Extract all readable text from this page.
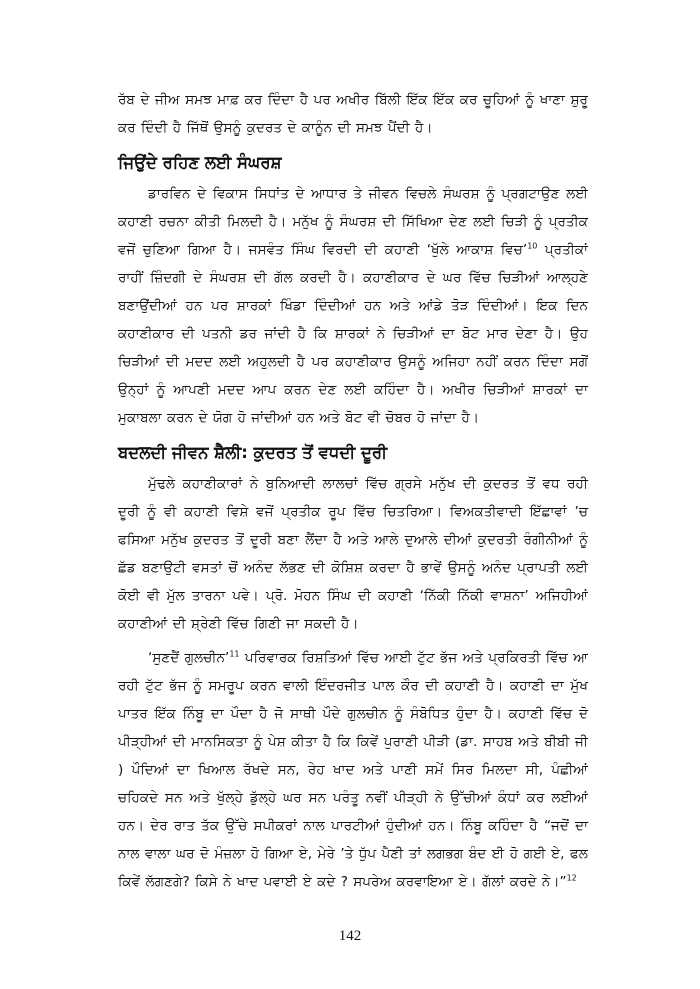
ਰੱਬ ਦੇ ਜੀਅ ਸਮਝ ਮਾਫ਼ ਕਰ ਦਿੰਦਾ ਹੈ ਪਰ ਅਖੀਰ ਬਿੱਲੀ ਇੱਕ ਇੱਕ ਕਰ ਚੂਹਿਆਂ ਨੂੰ ਖਾਣਾ ਸ਼ੁਰੂ ਕਰ ਦਿੰਦੀ ਹੈ ਜਿੱਥੋਂ ਉਸਨੂੰ ਕੁਦਰਤ ਦੇ ਕਾਨੂੰਨ ਦੀ ਸਮਝ ਪੈਂਦੀ ਹੈ।

ਜਿਉਂਦੇ ਰਹਿਣ ਲਈ ਸੰਘਰਸ਼

ਡਾਰਵਿਨ ਦੇ ਵਿਕਾਸ ਸਿਧਾਂਤ ਦੇ ਆਧਾਰ ਤੇ ਜੀਵਨ ਵਿਚਲੇ ਸੰਘਰਸ਼ ਨੂੰ ਪ੍ਰਗਟਾਉਣ ਲਈ ਕਹਾਣੀ ਰਚਨਾ ਕੀਤੀ ਮਿਲਦੀ ਹੈ। ਮਨੁੱਖ ਨੂੰ ਸੰਘਰਸ਼ ਦੀ ਸਿੱਖਿਆ ਦੇਣ ਲਈ ਚਿੜੀ ਨੂੰ ਪ੍ਰਤੀਕ ਵਜੋਂ ਚੁਣਿਆ ਗਿਆ ਹੈ। ਜਸਵੰਤ ਸਿੰਘ ਵਿਰਦੀ ਦੀ ਕਹਾਣੀ ‘ਖੁੱਲੇ ਆਕਾਸ਼ ਵਿਚ’$^{10}$ ਪ੍ਰਤੀਕਾਂ ਰਾਹੀਂ ਜ਼ਿੰਦਗੀ ਦੇ ਸੰਘਰਸ਼ ਦੀ ਗੱਲ ਕਰਦੀ ਹੈ। ਕਹਾਣੀਕਾਰ ਦੇ ਘਰ ਵਿੱਚ ਚਿੜੀਆਂ ਆਲ੍ਹਣੇ ਬਣਾਉਂਦੀਆਂ ਹਨ ਪਰ ਸ਼ਾਰਕਾਂ ਖਿੰਡਾ ਦਿੰਦੀਆਂ ਹਨ ਅਤੇ ਆਂਡੇ ਤੋੜ ਦਿੰਦੀਆਂ। ਇਕ ਦਿਨ ਕਹਾਣੀਕਾਰ ਦੀ ਪਤਨੀ ਡਰ ਜਾਂਦੀ ਹੈ ਕਿ ਸ਼ਾਰਕਾਂ ਨੇ ਚਿੜੀਆਂ ਦਾ ਬੋਟ ਮਾਰ ਦੇਣਾ ਹੈ। ਉਹ ਚਿੜੀਆਂ ਦੀ ਮਦਦ ਲਈ ਅਹੁਲਦੀ ਹੈ ਪਰ ਕਹਾਣੀਕਾਰ ਉਸਨੂੰ ਅਜਿਹਾ ਨਹੀਂ ਕਰਨ ਦਿੰਦਾ ਸਗੋਂ ਉਨ੍ਹਾਂ ਨੂੰ ਆਪਣੀ ਮਦਦ ਆਪ ਕਰਨ ਦੇਣ ਲਈ ਕਹਿੰਦਾ ਹੈ। ਅਖੀਰ ਚਿੜੀਆਂ ਸ਼ਾਰਕਾਂ ਦਾ ਮੁਕਾਬਲਾ ਕਰਨ ਦੇ ਯੋਗ ਹੋ ਜਾਂਦੀਆਂ ਹਨ ਅਤੇ ਬੋਟ ਵੀ ਚੋਬਰ ਹੋ ਜਾਂਦਾ ਹੈ।

ਬਦਲਦੀ ਜੀਵਨ ਸ਼ੈਲੀ: ਕੁਦਰਤ ਤੋਂ ਵਧਦੀ ਦੂਰੀ

ਮੁੱਢਲੇ ਕਹਾਣੀਕਾਰਾਂ ਨੇ ਬੁਨਿਆਦੀ ਲਾਲਚਾਂ ਵਿੱਚ ਗ੍ਰਸੇ ਮਨੁੱਖ ਦੀ ਕੁਦਰਤ ਤੋਂ ਵਧ ਰਹੀ ਦੂਰੀ ਨੂੰ ਵੀ ਕਹਾਣੀ ਵਿਸ਼ੇ ਵਜੋਂ ਪ੍ਰਤੀਕ ਰੂਪ ਵਿੱਚ ਚਿਤਰਿਆ। ਵਿਅਕਤੀਵਾਦੀ ਇੱਛਾਵਾਂ ’ਚ ਫਸਿਆ ਮਨੁੱਖ ਕੁਦਰਤ ਤੋਂ ਦੂਰੀ ਬਣਾ ਲੈਂਦਾ ਹੈ ਅਤੇ ਆਲੇ ਦੁਆਲੇ ਦੀਆਂ ਕੁਦਰਤੀ ਰੰਗੀਨੀਆਂ ਨੂੰ ਛੱਡ ਬਣਾਉਟੀ ਵਸਤਾਂ ਚੋਂ ਅਨੰਦ ਲੱਭਣ ਦੀ ਕੋਸ਼ਿਸ਼ ਕਰਦਾ ਹੈ ਭਾਵੇਂ ਉਸਨੂੰ ਅਨੰਦ ਪ੍ਰਾਪਤੀ ਲਈ ਕੋਈ ਵੀ ਮੁੱਲ ਤਾਰਨਾ ਪਵੇ। ਪ੍ਰੋ. ਮੋਹਨ ਸਿੰਘ ਦੀ ਕਹਾਣੀ ‘ਨਿੱਕੀ ਨਿੱਕੀ ਵਾਸ਼ਨਾ’ ਅਜਿਹੀਆਂ ਕਹਾਣੀਆਂ ਦੀ ਸ਼੍ਰੇਣੀ ਵਿੱਚ ਗਿਣੀ ਜਾ ਸਕਦੀ ਹੈ।

‘ਸੁਣਦੈਂ ਗੁਲਚੀਨ’$^{11}$ ਪਰਿਵਾਰਕ ਰਿਸ਼ਤਿਆਂ ਵਿੱਚ ਆਈ ਟੁੱਟ ਭੱਜ ਅਤੇ ਪ੍ਰਕਿਰਤੀ ਵਿੱਚ ਆ ਰਹੀ ਟੁੱਟ ਭੱਜ ਨੂੰ ਸਮਰੂਪ ਕਰਨ ਵਾਲੀ ਇੰਦਰਜੀਤ ਪਾਲ ਕੌਰ ਦੀ ਕਹਾਣੀ ਹੈ। ਕਹਾਣੀ ਦਾ ਮੁੱਖ ਪਾਤਰ ਇੱਕ ਨਿੰਬੂ ਦਾ ਪੌਦਾ ਹੈ ਜੋ ਸਾਥੀ ਪੌਦੇ ਗੁਲਚੀਨ ਨੂੰ ਸੰਬੋਧਿਤ ਹੁੰਦਾ ਹੈ। ਕਹਾਣੀ ਵਿੱਚ ਦੋ ਪੀੜ੍ਹੀਆਂ ਦੀ ਮਾਨਸਿਕਤਾ ਨੂੰ ਪੇਸ਼ ਕੀਤਾ ਹੈ ਕਿ ਕਿਵੇਂ ਪੁਰਾਣੀ ਪੀੜੀ (ਡਾ. ਸਾਹਬ ਅਤੇ ਬੀਬੀ ਜੀ ) ਪੌਦਿਆਂ ਦਾ ਖਿਆਲ ਰੱਖਦੇ ਸਨ, ਰੇਹ ਖਾਦ ਅਤੇ ਪਾਣੀ ਸਮੇਂ ਸਿਰ ਮਿਲਦਾ ਸੀ, ਪੰਛੀਆਂ ਚਹਿਕਦੇ ਸਨ ਅਤੇ ਖੁੱਲ੍ਹੇ ਡੁੱਲ੍ਹੇ ਘਰ ਸਨ ਪਰੰਤੂ ਨਵੀਂ ਪੀੜ੍ਹੀ ਨੇ ਉੱਚੀਆਂ ਕੰਧਾਂ ਕਰ ਲਈਆਂ ਹਨ। ਦੇਰ ਰਾਤ ਤੱਕ ਉੱਚੇ ਸਪੀਕਰਾਂ ਨਾਲ ਪਾਰਟੀਆਂ ਹੁੰਦੀਆਂ ਹਨ। ਨਿੰਬੂ ਕਹਿੰਦਾ ਹੈ “ਜਦੋਂ ਦਾ ਨਾਲ ਵਾਲਾ ਘਰ ਦੋ ਮੰਜ਼ਲਾ ਹੋ ਗਿਆ ਏ, ਮੇਰੇ ’ਤੇ ਧੁੱਪ ਪੈਣੀ ਤਾਂ ਲਗਭਗ ਬੰਦ ਈ ਹੋ ਗਈ ਏ, ਫਲ ਕਿਵੇਂ ਲੱਗਣਗੇ? ਕਿਸੇ ਨੇ ਖਾਦ ਪਵਾਈ ਏ ਕਦੇ ? ਸਪਰੇਅ ਕਰਵਾਇਆ ਏ। ਗੱਲਾਂ ਕਰਦੇ ਨੇ।”$^{12}$

142
